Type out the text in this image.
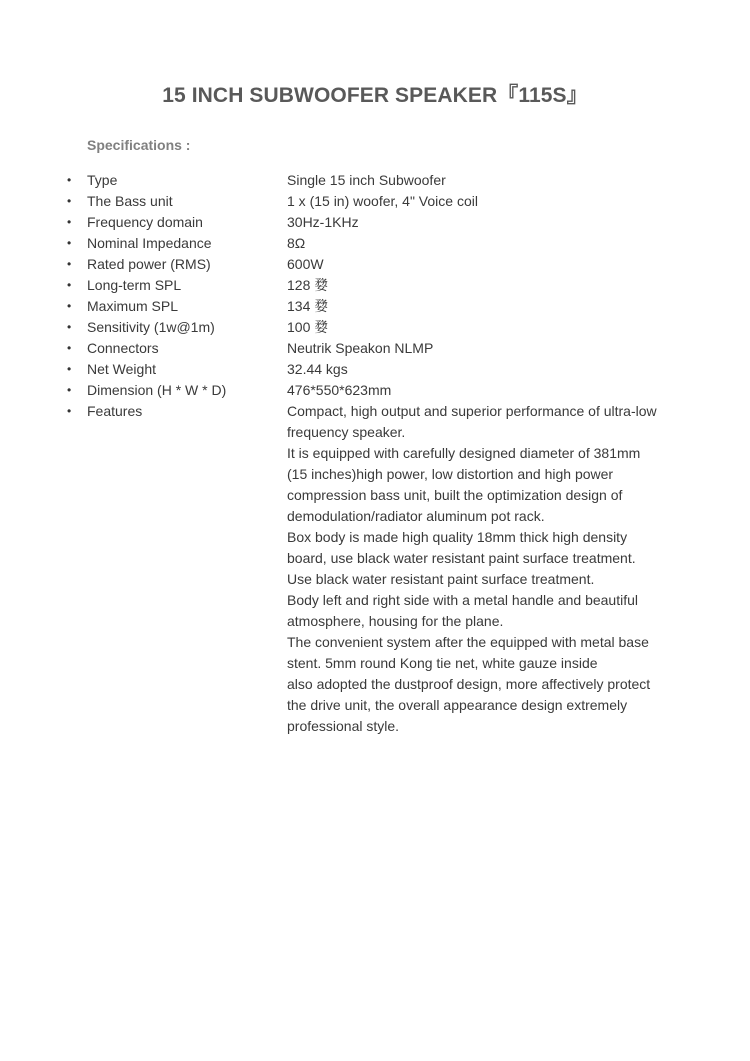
15 INCH SUBWOOFER SPEAKER『115S』
Specifications :
• Type	Single 15 inch Subwoofer
• The Bass unit	1 x (15 in) woofer, 4" Voice coil
• Frequency domain	30Hz-1KHz
• Nominal Impedance	8Ω
• Rated power (RMS)	600W
• Long-term SPL	128 㜈
• Maximum SPL	134 㜈
• Sensitivity (1w@1m)	100 㜈
• Connectors	Neutrik Speakon NLMP
• Net Weight	32.44 kgs
• Dimension (H * W * D)	476*550*623mm
• Features	Compact, high output and superior performance of ultra-low
frequency speaker.
It is equipped with carefully designed diameter of 381mm
(15 inches)high power, low distortion and high power
compression bass unit, built the optimization design of
demodulation/radiator aluminum pot rack.
Box body is made high quality 18mm thick high density
board, use black water resistant paint surface treatment.
Use black water resistant paint surface treatment.
Body left and right side with a metal handle and beautiful
atmosphere, housing for the plane.
The convenient system after the equipped with metal base
stent. 5mm round Kong tie net, white gauze inside
also adopted the dustproof design, more affectively protect
the drive unit, the overall appearance design extremely
professional style.
